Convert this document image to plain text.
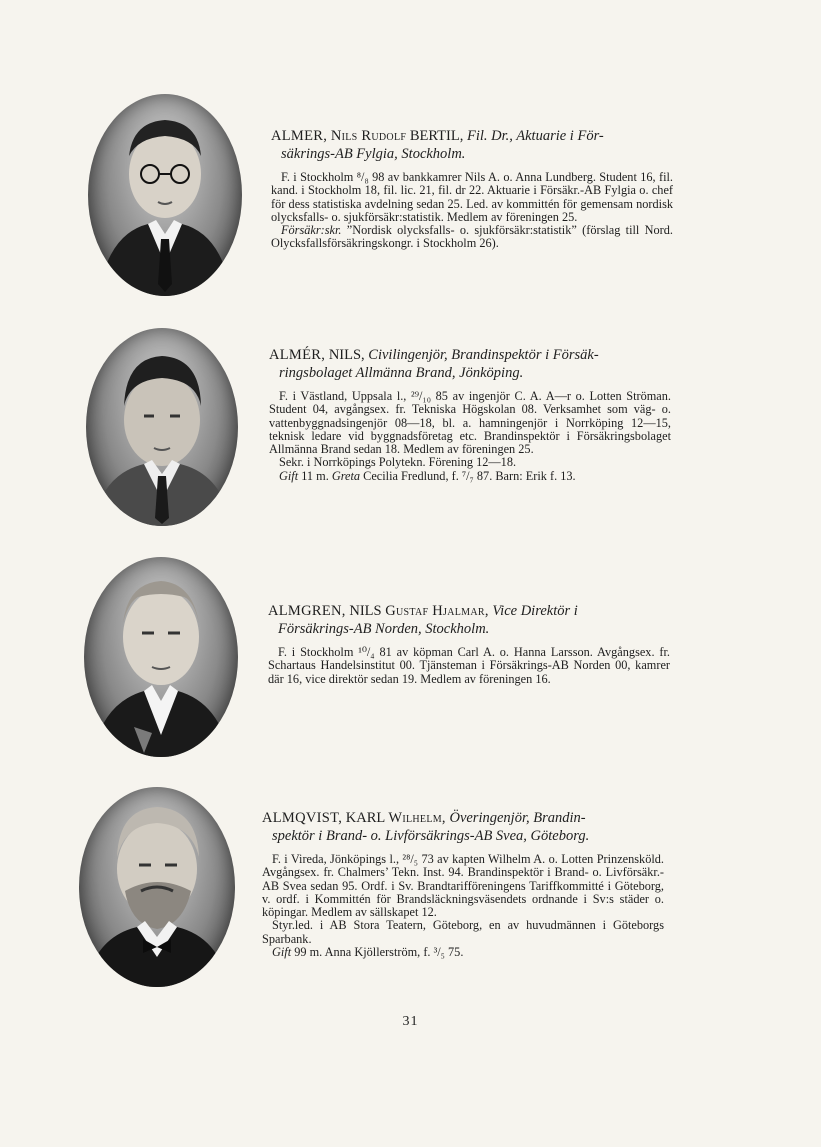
ALMER, Nils Rudolf BERTIL, Fil. Dr., Aktuarie i För-
säkrings-AB Fylgia, Stockholm.

F. i Stockholm ⁸/₈ 98 av bankkamrer Nils A. o. Anna Lundberg. Student 16, fil. kand. i Stockholm 18, fil. lic. 21, fil. dr 22. Aktuarie i Försäkr.-AB Fylgia o. chef för dess statistiska avdelning sedan 25. Led. av kommittén för gemensam nordisk olycksfalls- o. sjukförsäkr:statistik. Medlem av föreningen 25.

Försäkr:skr. ”Nordisk olycksfalls- o. sjukförsäkr:statistik” (förslag till Nord. Olycksfallsförsäkringskongr. i Stockholm 26).

ALMÉR, NILS, Civilingenjör, Brandinspektör i Försäk-
ringsbolaget Allmänna Brand, Jönköping.

F. i Västland, Uppsala l., ²⁹/₁₀ 85 av ingenjör C. A. A—r o. Lotten Ströman. Student 04, avgångsex. fr. Tekniska Högskolan 08. Verksamhet som väg- o. vattenbyggnadsingenjör 08—18, bl. a. hamningenjör i Norrköping 12—15, teknisk ledare vid byggnadsföretag etc. Brandinspektör i Försäkringsbolaget Allmänna Brand sedan 18. Medlem av föreningen 25.

Sekr. i Norrköpings Polytekn. Förening 12—18.

Gift 11 m. Greta Cecilia Fredlund, f. ⁷/₇ 87. Barn: Erik f. 13.

ALMGREN, NILS Gustaf Hjalmar, Vice Direktör i
Försäkrings-AB Norden, Stockholm.

F. i Stockholm ¹⁰/₄ 81 av köpman Carl A. o. Hanna Larsson. Avgångsex. fr. Schartaus Handelsinstitut 00. Tjänsteman i Försäkrings-AB Norden 00, kamrer där 16, vice direktör sedan 19. Medlem av föreningen 16.

ALMQVIST, KARL Wilhelm, Överingenjör, Brandin-
spektör i Brand- o. Livförsäkrings-AB Svea, Göteborg.

F. i Vireda, Jönköpings l., ²⁸/₅ 73 av kapten Wilhelm A. o. Lotten Prinzensköld. Avgångsex. fr. Chalmers’ Tekn. Inst. 94. Brandinspektör i Brand- o. Livförsäkr.-AB Svea sedan 95. Ordf. i Sv. Brandtarifföreningens Tariffkommitté i Göteborg, v. ordf. i Kommittén för Brandsläckningsväsendets ordnande i Sv:s städer o. köpingar. Medlem av sällskapet 12.

Styr.led. i AB Stora Teatern, Göteborg, en av huvudmännen i Göteborgs Sparbank.

Gift 99 m. Anna Kjöllerström, f. ³/₅ 75.

31
